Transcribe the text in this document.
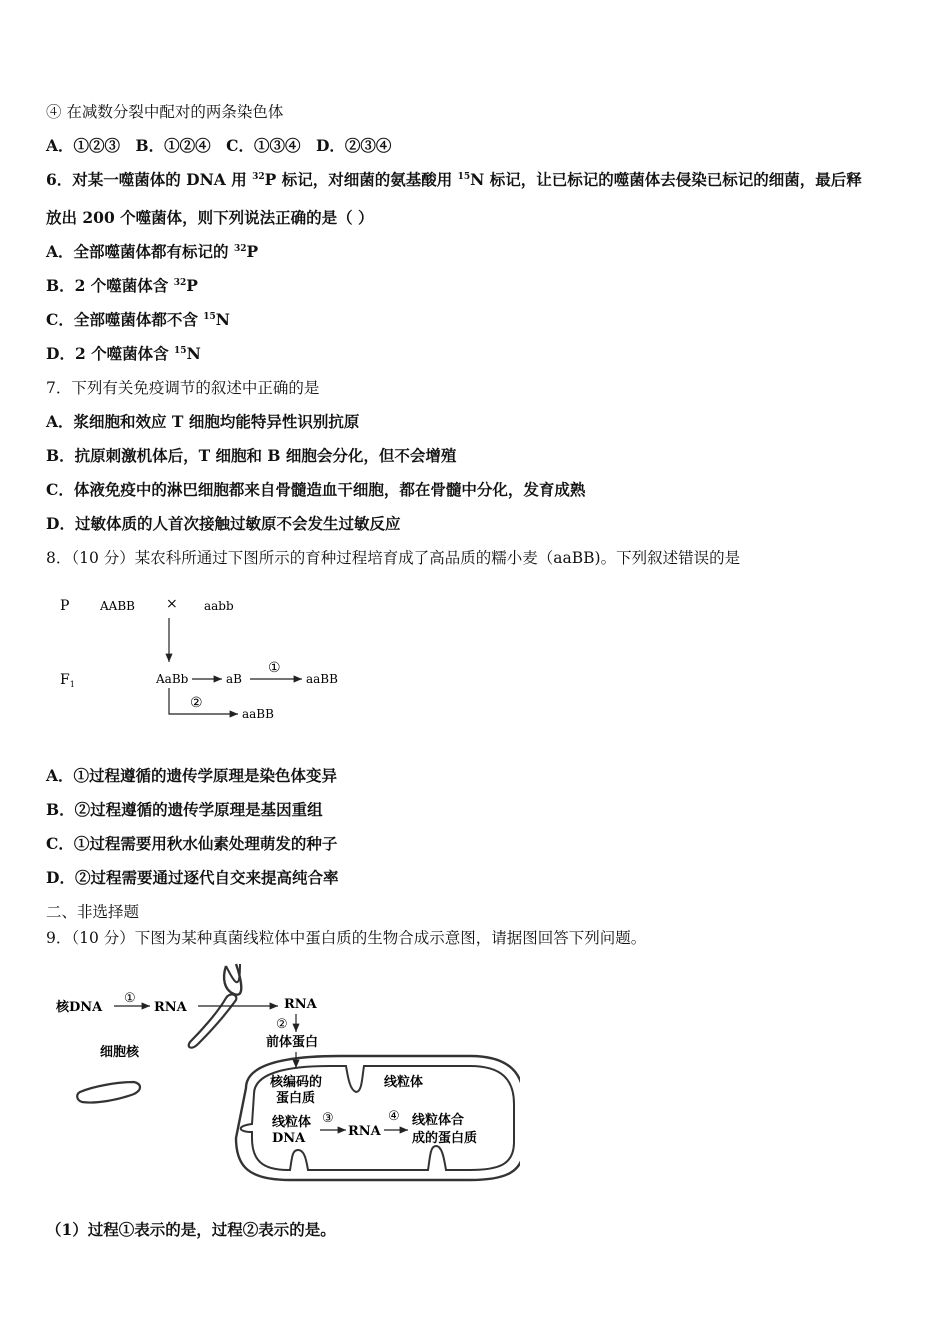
④ 在减数分裂中配对的两条染色体
A．①②③　B．①②④　C．①③④　D．②③④
6．对某一噬菌体的 DNA 用 $^{32}$P 标记，对细菌的氨基酸用 $^{15}$N 标记，让已标记的噬菌体去侵染已标记的细菌，最后释
放出 200 个噬菌体，则下列说法正确的是（ ）
A．全部噬菌体都有标记的 $^{32}$P
B．2 个噬菌体含 $^{32}$P
C．全部噬菌体都不含 $^{15}$N
D．2 个噬菌体含 $^{15}$N
7．下列有关免疫调节的叙述中正确的是
A．浆细胞和效应 T 细胞均能特异性识别抗原
B．抗原刺激机体后，T 细胞和 B 细胞会分化，但不会增殖
C．体液免疫中的淋巴细胞都来自骨髓造血干细胞，都在骨髓中分化，发育成熟
D．过敏体质的人首次接触过敏原不会发生过敏反应
8．（10 分）某农科所通过下图所示的育种过程培育成了高品质的糯小麦（aaBB)。下列叙述错误的是
P	AABB × aabb
$F_1$	AaBb	aB
①
aaBB
②
aaBB
A．①过程遵循的遗传学原理是染色体变异
B．②过程遵循的遗传学原理是基因重组
C．①过程需要用秋水仙素处理萌发的种子
D．②过程需要通过逐代自交来提高纯合率
二、非选择题
9．（10 分）下图为某种真菌线粒体中蛋白质的生物合成示意图，请据图回答下列问题。
核DNA
①
RNA	RNA
②
前体蛋白
细胞核
核编码的
蛋白质
线粒体
线粒体
DNA
③
RNA
④ 线粒体合
成的蛋白质
（1）过程①表示的是，过程②表示的是。
